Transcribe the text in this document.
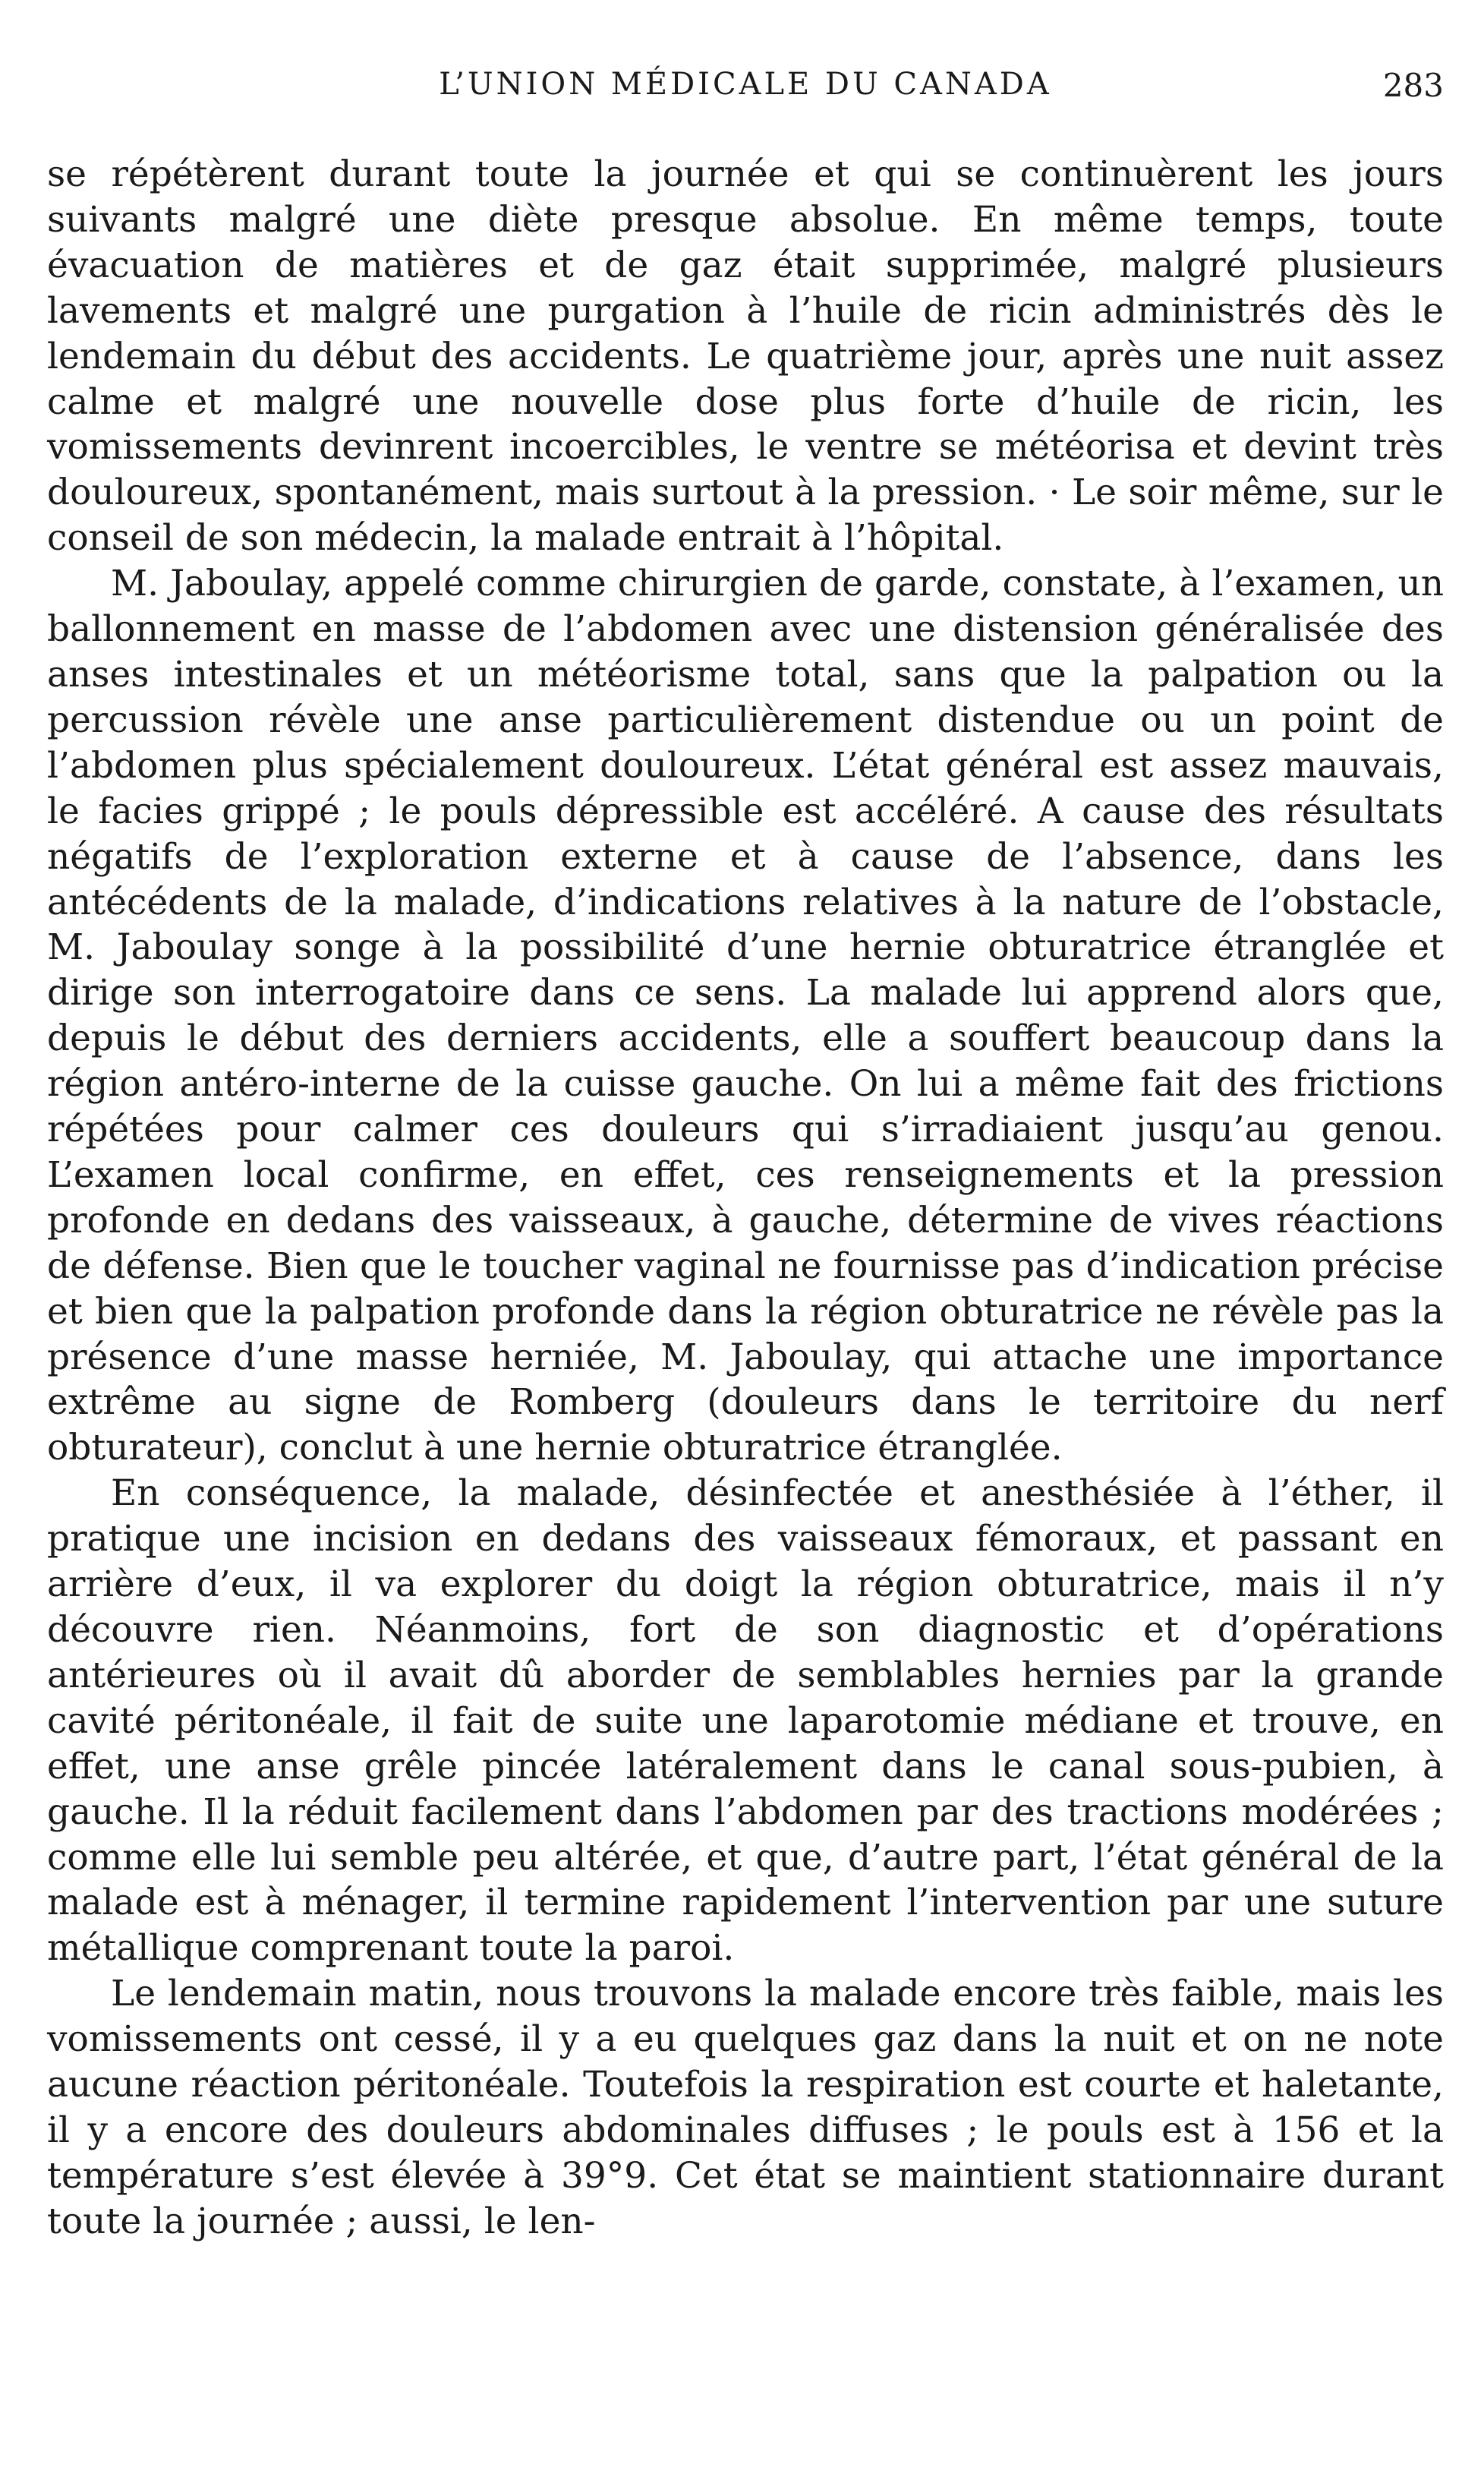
L’UNION MÉDICALE DU CANADA	283

se répétèrent durant toute la journée et qui se continuèrent les jours suivants malgré une diète presque absolue. En même temps, toute évacuation de matières et de gaz était supprimée, malgré plusieurs lavements et malgré une purgation à l’huile de ricin administrés dès le lendemain du début des accidents. Le quatrième jour, après une nuit assez calme et malgré une nouvelle dose plus forte d’huile de ricin, les vomissements devinrent incoercibles, le ventre se météorisa et devint très douloureux, spontanément, mais surtout à la pression. · Le soir même, sur le conseil de son médecin, la malade entrait à l’hôpital.

M. Jaboulay, appelé comme chirurgien de garde, constate, à l’examen, un ballonnement en masse de l’abdomen avec une distension généralisée des anses intestinales et un météorisme total, sans que la palpation ou la percussion révèle une anse particulièrement distendue ou un point de l’abdomen plus spécialement douloureux. L’état général est assez mauvais, le facies grippé ; le pouls dépressible est accéléré. A cause des résultats négatifs de l’exploration externe et à cause de l’absence, dans les antécédents de la malade, d’indications relatives à la nature de l’obstacle, M. Jaboulay songe à la possibilité d’une hernie obturatrice étranglée et dirige son interrogatoire dans ce sens. La malade lui apprend alors que, depuis le début des derniers accidents, elle a souffert beaucoup dans la région antéro-interne de la cuisse gauche. On lui a même fait des frictions répétées pour calmer ces douleurs qui s’irradiaient jusqu’au genou. L’examen local confirme, en effet, ces renseignements et la pression profonde en dedans des vaisseaux, à gauche, détermine de vives réactions de défense. Bien que le toucher vaginal ne fournisse pas d’indication précise et bien que la palpation profonde dans la région obturatrice ne révèle pas la présence d’une masse herniée, M. Jaboulay, qui attache une importance extrême au signe de Romberg (douleurs dans le territoire du nerf obturateur), conclut à une hernie obturatrice étranglée.

En conséquence, la malade, désinfectée et anesthésiée à l’éther, il pratique une incision en dedans des vaisseaux fémoraux, et passant en arrière d’eux, il va explorer du doigt la région obturatrice, mais il n’y découvre rien. Néanmoins, fort de son diagnostic et d’opérations antérieures où il avait dû aborder de semblables hernies par la grande cavité péritonéale, il fait de suite une laparotomie médiane et trouve, en effet, une anse grêle pincée latéralement dans le canal sous-pubien, à gauche. Il la réduit facilement dans l’abdomen par des tractions modérées ; comme elle lui semble peu altérée, et que, d’autre part, l’état général de la malade est à ménager, il termine rapidement l’intervention par une suture métallique comprenant toute la paroi.

Le lendemain matin, nous trouvons la malade encore très faible, mais les vomissements ont cessé, il y a eu quelques gaz dans la nuit et on ne note aucune réaction péritonéale. Toutefois la respiration est courte et haletante, il y a encore des douleurs abdominales diffuses ; le pouls est à 156 et la température s’est élevée à 39°9. Cet état se maintient stationnaire durant toute la journée ; aussi, le len-
